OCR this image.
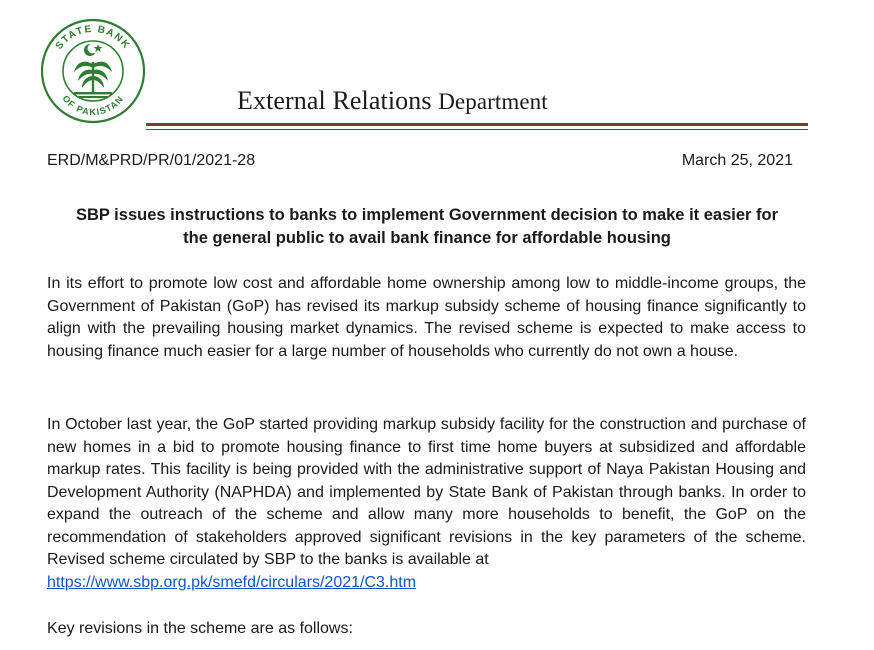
STATE BANK
OF PAKISTAN	External Relations Department
ERD/M&PRD/PR/01/2021-28	March 25, 2021
SBP issues instructions to banks to implement Government decision to make it easier for
the general public to avail bank finance for affordable housing
In its effort to promote low cost and affordable home ownership among low to middle-income groups, the Government of Pakistan (GoP) has revised its markup subsidy scheme of housing finance significantly to align with the prevailing housing market dynamics. The revised scheme is expected to make access to housing finance much easier for a large number of households who currently do not own a house.
In October last year, the GoP started providing markup subsidy facility for the construction and purchase of new homes in a bid to promote housing finance to first time home buyers at subsidized and affordable markup rates. This facility is being provided with the administrative support of Naya Pakistan Housing and Development Authority (NAPHDA) and implemented by State Bank of Pakistan through banks. In order to expand the outreach of the scheme and allow many more households to benefit, the GoP on the recommendation of stakeholders approved significant revisions in the key parameters of the scheme. Revised scheme circulated by SBP to the banks is available at
https://www.sbp.org.pk/smefd/circulars/2021/C3.htm
Key revisions in the scheme are as follows:
